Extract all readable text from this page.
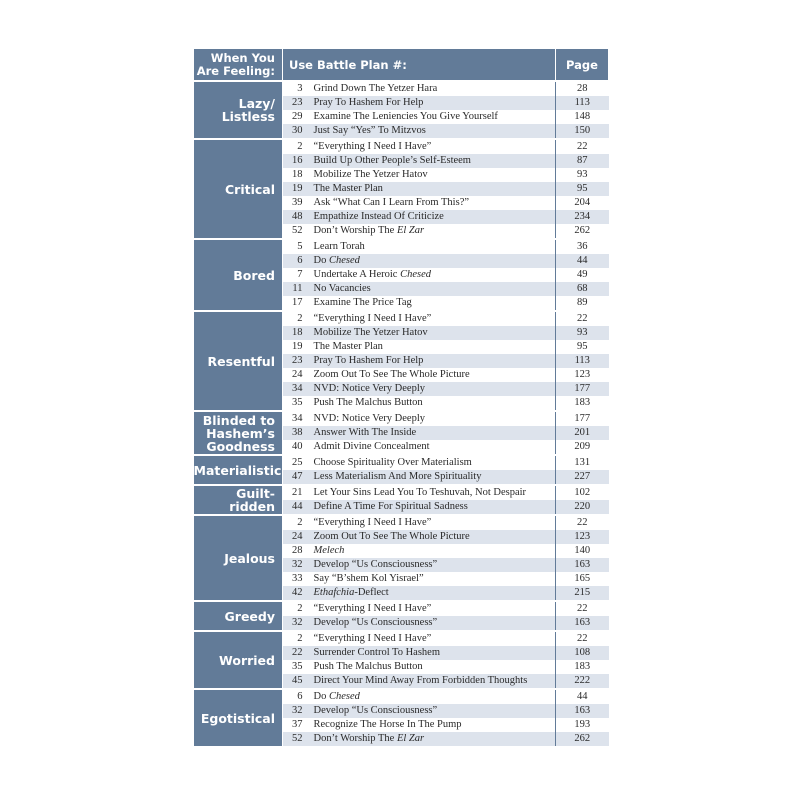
When You Are Feeling:	Use Battle Plan #:		Page
Lazy/ Listless	3	Grind Down The Yetzer Hara	28
	23	Pray To Hashem For Help	113
	29	Examine The Leniencies You Give Yourself	148
	30	Just Say “Yes” To Mitzvos	150
Critical	2	“Everything I Need I Have”	22
	16	Build Up Other People’s Self-Esteem	87
	18	Mobilize The Yetzer Hatov	93
	19	The Master Plan	95
	39	Ask “What Can I Learn From This?”	204
	48	Empathize Instead Of Criticize	234
	52	Don’t Worship The El Zar	262
Bored	5	Learn Torah	36
	6	Do Chesed	44
	7	Undertake A Heroic Chesed	49
	11	No Vacancies	68
	17	Examine The Price Tag	89
Resentful	2	“Everything I Need I Have”	22
	18	Mobilize The Yetzer Hatov	93
	19	The Master Plan	95
	23	Pray To Hashem For Help	113
	24	Zoom Out To See The Whole Picture	123
	34	NVD: Notice Very Deeply	177
	35	Push The Malchus Button	183
Blinded to Hashem’s Goodness	34	NVD: Notice Very Deeply	177
	38	Answer With The Inside	201
	40	Admit Divine Concealment	209
Materialistic	25	Choose Spirituality Over Materialism	131
	47	Less Materialism And More Spirituality	227
Guilt-ridden	21	Let Your Sins Lead You To Teshuvah, Not Despair	102
	44	Define A Time For Spiritual Sadness	220
Jealous	2	“Everything I Need I Have”	22
	24	Zoom Out To See The Whole Picture	123
	28	Melech	140
	32	Develop “Us Consciousness”	163
	33	Say “B’shem Kol Yisrael”	165
	42	Ethafchia-Deflect	215
Greedy	2	“Everything I Need I Have”	22
	32	Develop “Us Consciousness”	163
Worried	2	“Everything I Need I Have”	22
	22	Surrender Control To Hashem	108
	35	Push The Malchus Button	183
	45	Direct Your Mind Away From Forbidden Thoughts	222
Egotistical	6	Do Chesed	44
	32	Develop “Us Consciousness”	163
	37	Recognize The Horse In The Pump	193
	52	Don’t Worship The El Zar	262
